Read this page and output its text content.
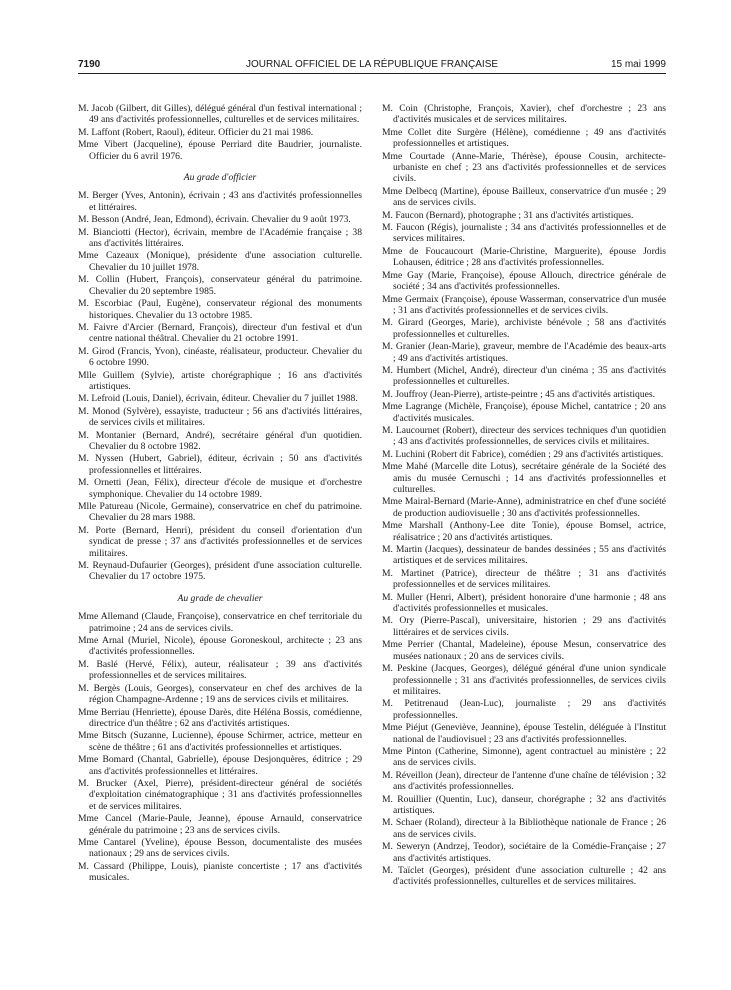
7190	JOURNAL OFFICIEL DE LA RÉPUBLIQUE FRANÇAISE	15 mai 1999

M. Jacob (Gilbert, dit Gilles), délégué général d'un festival international ; 49 ans d'activités professionnelles, culturelles et de services militaires.

M. Laffont (Robert, Raoul), éditeur. Officier du 21 mai 1986.

Mme Vibert (Jacqueline), épouse Perriard dite Baudrier, journaliste. Officier du 6 avril 1976.

Au grade d'officier

M. Berger (Yves, Antonin), écrivain ; 43 ans d'activités professionnelles et littéraires.

M. Besson (André, Jean, Edmond), écrivain. Chevalier du 9 août 1973.

M. Bianciotti (Hector), écrivain, membre de l'Académie française ; 38 ans d'activités littéraires.

Mme Cazeaux (Monique), présidente d'une association culturelle. Chevalier du 10 juillet 1978.

M. Collin (Hubert, François), conservateur général du patrimoine. Chevalier du 20 septembre 1985.

M. Escorbiac (Paul, Eugène), conservateur régional des monuments historiques. Chevalier du 13 octobre 1985.

M. Faivre d'Arcier (Bernard, François), directeur d'un festival et d'un centre national théâtral. Chevalier du 21 octobre 1991.

M. Girod (Francis, Yvon), cinéaste, réalisateur, producteur. Chevalier du 6 octobre 1990.

Mlle Guillem (Sylvie), artiste chorégraphique ; 16 ans d'activités artistiques.

M. Lefroid (Louis, Daniel), écrivain, éditeur. Chevalier du 7 juillet 1988.

M. Monod (Sylvère), essayiste, traducteur ; 56 ans d'activités littéraires, de services civils et militaires.

M. Montanier (Bernard, André), secrétaire général d'un quotidien. Chevalier du 8 octobre 1982.

M. Nyssen (Hubert, Gabriel), éditeur, écrivain ; 50 ans d'activités professionnelles et littéraires.

M. Ornetti (Jean, Félix), directeur d'école de musique et d'orchestre symphonique. Chevalier du 14 octobre 1989.

Mlle Patureau (Nicole, Germaine), conservatrice en chef du patrimoine. Chevalier du 28 mars 1988.

M. Porte (Bernard, Henri), président du conseil d'orientation d'un syndicat de presse ; 37 ans d'activités professionnelles et de services militaires.

M. Reynaud-Dufaurier (Georges), président d'une association culturelle. Chevalier du 17 octobre 1975.

Au grade de chevalier

Mme Allemand (Claude, Françoise), conservatrice en chef territoriale du patrimoine ; 24 ans de services civils.

Mme Arnal (Muriel, Nicole), épouse Goroneskoul, architecte ; 23 ans d'activités professionnelles.

M. Baslé (Hervé, Félix), auteur, réalisateur ; 39 ans d'activités professionnelles et de services militaires.

M. Bergès (Louis, Georges), conservateur en chef des archives de la région Champagne-Ardenne ; 19 ans de services civils et militaires.

Mme Berriau (Henriette), épouse Darès, dite Héléna Bossis, comédienne, directrice d'un théâtre ; 62 ans d'activités artistiques.

Mme Bitsch (Suzanne, Lucienne), épouse Schirmer, actrice, metteur en scène de théâtre ; 61 ans d'activités professionnelles et artistiques.

Mme Bomard (Chantal, Gabrielle), épouse Desjonquères, éditrice ; 29 ans d'activités professionnelles et littéraires.

M. Brucker (Axel, Pierre), président-directeur général de sociétés d'exploitation cinématographique ; 31 ans d'activités professionnelles et de services militaires.

Mme Cancel (Marie-Paule, Jeanne), épouse Arnauld, conservatrice générale du patrimoine ; 23 ans de services civils.

Mme Cantarel (Yveline), épouse Besson, documentaliste des musées nationaux ; 29 ans de services civils.

M. Cassard (Philippe, Louis), pianiste concertiste ; 17 ans d'activités musicales.

M. Coin (Christophe, François, Xavier), chef d'orchestre ; 23 ans d'activités musicales et de services militaires.

Mme Collet dite Surgère (Hélène), comédienne ; 49 ans d'activités professionnelles et artistiques.

Mme Courtade (Anne-Marie, Thérèse), épouse Cousin, architecte-urbaniste en chef ; 23 ans d'activités professionnelles et de services civils.

Mme Delbecq (Martine), épouse Bailleux, conservatrice d'un musée ; 29 ans de services civils.

M. Faucon (Bernard), photographe ; 31 ans d'activités artistiques.

M. Faucon (Régis), journaliste ; 34 ans d'activités professionnelles et de services militaires.

Mme de Foucaucourt (Marie-Christine, Marguerite), épouse Jordis Lohausen, éditrice ; 28 ans d'activités professionnelles.

Mme Gay (Marie, Françoise), épouse Allouch, directrice générale de société ; 34 ans d'activités professionnelles.

Mme Germaix (Françoise), épouse Wasserman, conservatrice d'un musée ; 31 ans d'activités professionnelles et de services civils.

M. Girard (Georges, Marie), archiviste bénévole ; 58 ans d'activités professionnelles et culturelles.

M. Granier (Jean-Marie), graveur, membre de l'Académie des beaux-arts ; 49 ans d'activités artistiques.

M. Humbert (Michel, André), directeur d'un cinéma ; 35 ans d'activités professionnelles et culturelles.

M. Jouffroy (Jean-Pierre), artiste-peintre ; 45 ans d'activités artistiques.

Mme Lagrange (Michèle, Françoise), épouse Michel, cantatrice ; 20 ans d'activités musicales.

M. Laucournet (Robert), directeur des services techniques d'un quotidien ; 43 ans d'activités professionnelles, de services civils et militaires.

M. Luchini (Robert dit Fabrice), comédien ; 29 ans d'activités artistiques.

Mme Mahé (Marcelle dite Lotus), secrétaire générale de la Société des amis du musée Cernuschi ; 14 ans d'activités professionnelles et culturelles.

Mme Mairal-Bernard (Marie-Anne), administratrice en chef d'une société de production audiovisuelle ; 30 ans d'activités professionnelles.

Mme Marshall (Anthony-Lee dite Tonie), épouse Bomsel, actrice, réalisatrice ; 20 ans d'activités artistiques.

M. Martin (Jacques), dessinateur de bandes dessinées ; 55 ans d'activités artistiques et de services militaires.

M. Martinet (Patrice), directeur de théâtre ; 31 ans d'activités professionnelles et de services militaires.

M. Muller (Henri, Albert), président honoraire d'une harmonie ; 48 ans d'activités professionnelles et musicales.

M. Ory (Pierre-Pascal), universitaire, historien ; 29 ans d'activités littéraires et de services civils.

Mme Perrier (Chantal, Madeleine), épouse Mesun, conservatrice des musées nationaux ; 20 ans de services civils.

M. Peskine (Jacques, Georges), délégué général d'une union syndicale professionnelle ; 31 ans d'activités professionnelles, de services civils et militaires.

M. Petitrenaud (Jean-Luc), journaliste ; 29 ans d'activités professionnelles.

Mme Piéjut (Geneviève, Jeannine), épouse Testelin, déléguée à l'Institut national de l'audiovisuel ; 23 ans d'activités professionnelles.

Mme Pinton (Catherine, Simonne), agent contractuel au ministère ; 22 ans de services civils.

M. Réveillon (Jean), directeur de l'antenne d'une chaîne de télévision ; 32 ans d'activités professionnelles.

M. Rouillier (Quentin, Luc), danseur, chorégraphe ; 32 ans d'activités artistiques.

M. Schaer (Roland), directeur à la Bibliothèque nationale de France ; 26 ans de services civils.

M. Seweryn (Andrzej, Teodor), sociétaire de la Comédie-Française ; 27 ans d'activités artistiques.

M. Taïclet (Georges), président d'une association culturelle ; 42 ans d'activités professionnelles, culturelles et de services militaires.
